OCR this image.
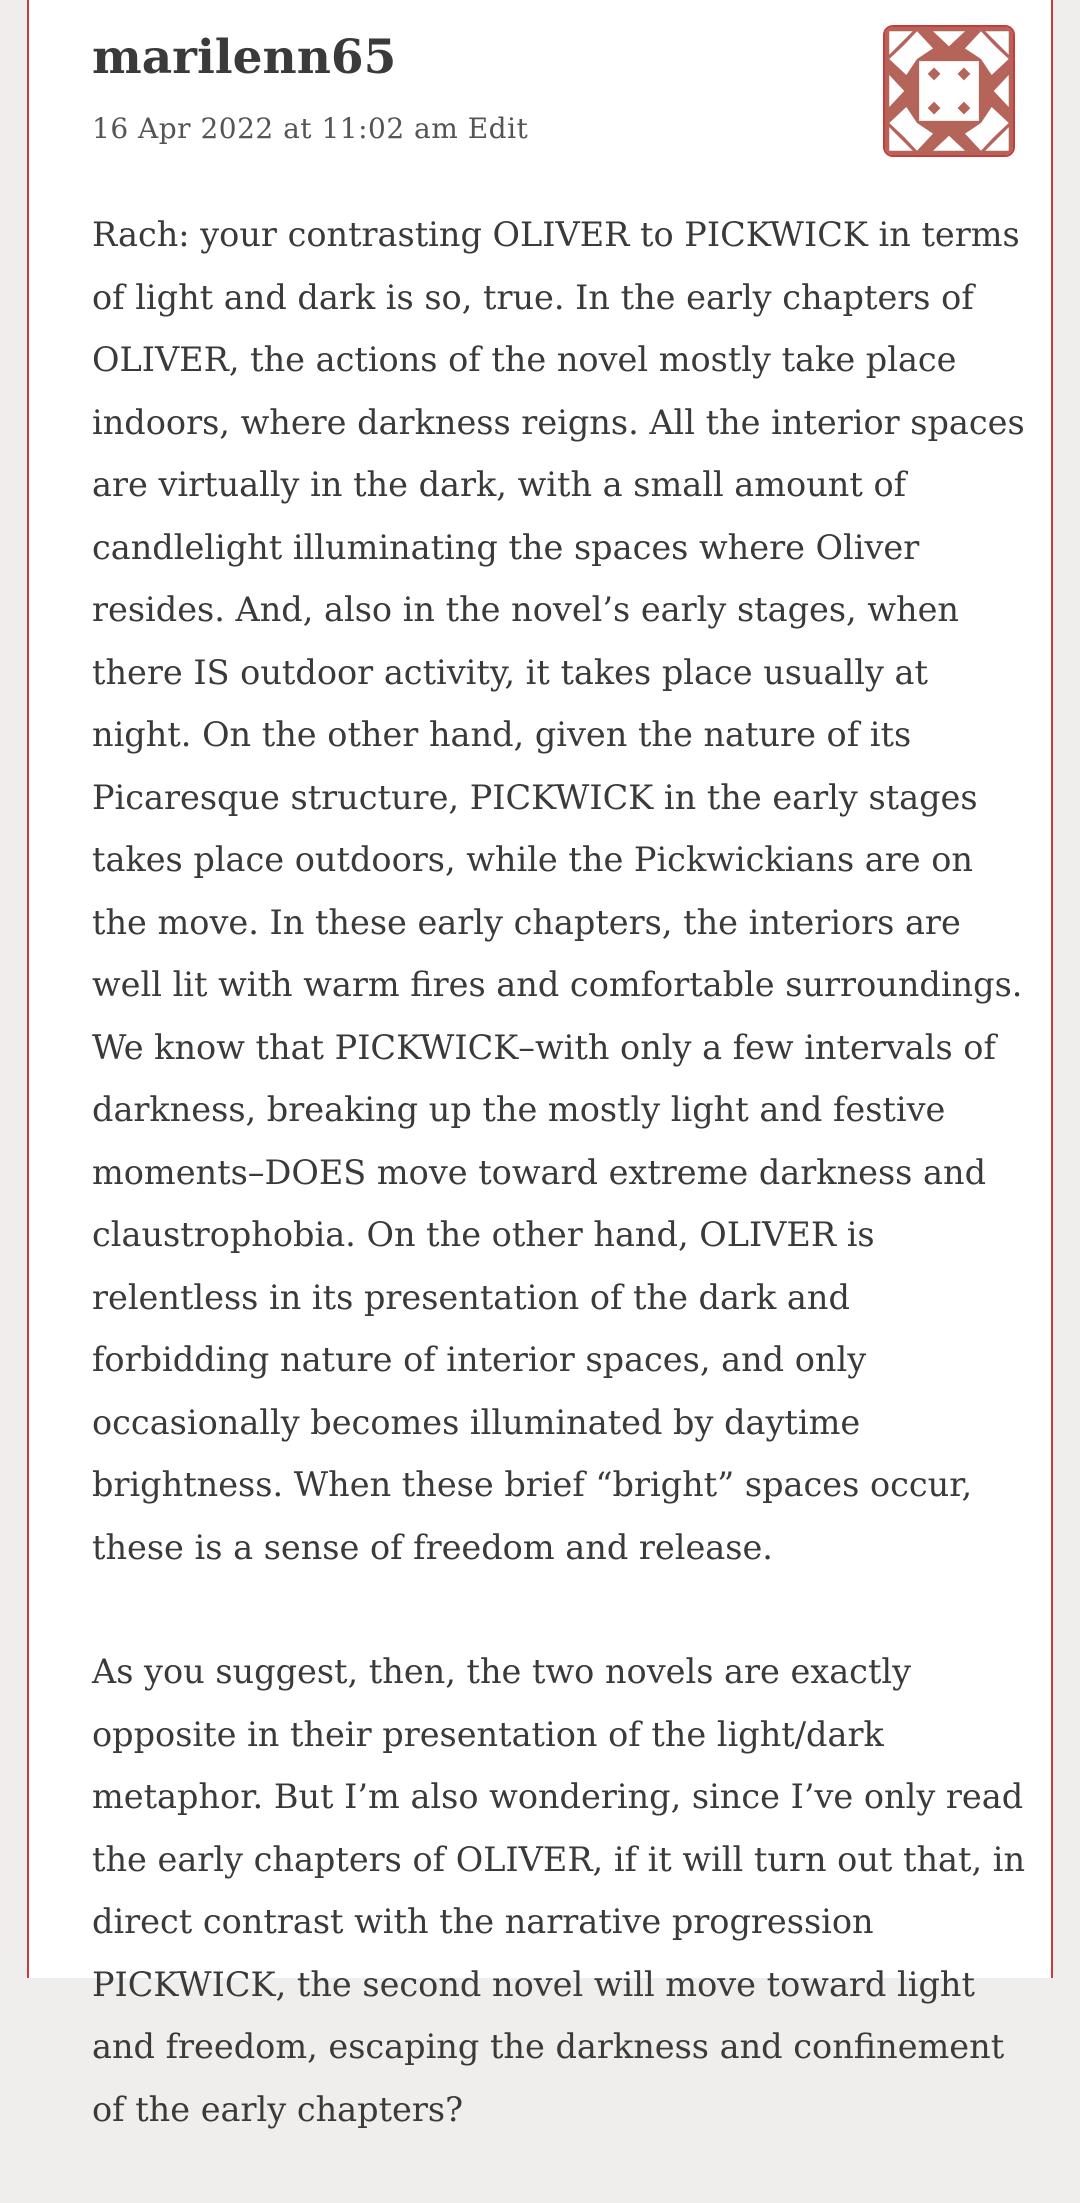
marilenn65
16 Apr 2022 at 11:02 am Edit

Rach: your contrasting OLIVER to PICKWICK in terms of light and dark is so, true. In the early chapters of OLIVER, the actions of the novel mostly take place indoors, where darkness reigns. All the interior spaces are virtually in the dark, with a small amount of candlelight illuminating the spaces where Oliver resides. And, also in the novel’s early stages, when there IS outdoor activity, it takes place usually at night. On the other hand, given the nature of its Picaresque structure, PICKWICK in the early stages takes place outdoors, while the Pickwickians are on the move. In these early chapters, the interiors are well lit with warm fires and comfortable surroundings. We know that PICKWICK–with only a few intervals of darkness, breaking up the mostly light and festive moments–DOES move toward extreme darkness and claustrophobia. On the other hand, OLIVER is relentless in its presentation of the dark and forbidding nature of interior spaces, and only occasionally becomes illuminated by daytime brightness. When these brief “bright” spaces occur, these is a sense of freedom and release.

As you suggest, then, the two novels are exactly opposite in their presentation of the light/dark metaphor. But I’m also wondering, since I’ve only read the early chapters of OLIVER, if it will turn out that, in direct contrast with the narrative progression PICKWICK, the second novel will move toward light and freedom, escaping the darkness and confinement of the early chapters?
